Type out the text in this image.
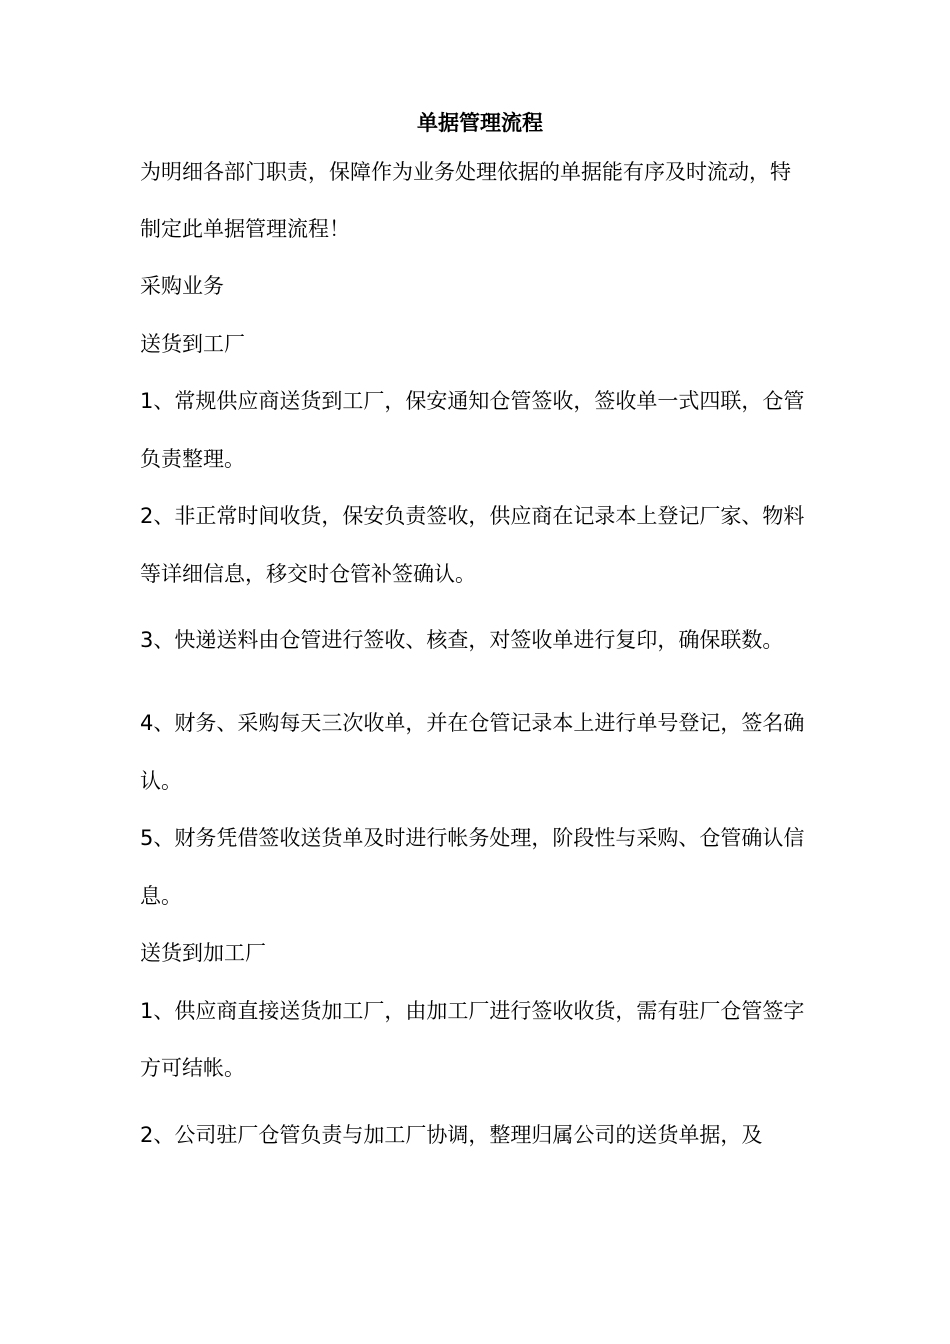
单据管理流程
为明细各部门职责，保障作为业务处理依据的单据能有序及时流动，特
制定此单据管理流程！
采购业务
送货到工厂
1、常规供应商送货到工厂，保安通知仓管签收，签收单一式四联，仓管
负责整理。
2、非正常时间收货，保安负责签收，供应商在记录本上登记厂家、物料
等详细信息，移交时仓管补签确认。
3、快递送料由仓管进行签收、核查，对签收单进行复印，确保联数。
4、财务、采购每天三次收单，并在仓管记录本上进行单号登记，签名确
认。
5、财务凭借签收送货单及时进行帐务处理，阶段性与采购、仓管确认信
息。
送货到加工厂
1、供应商直接送货加工厂，由加工厂进行签收收货，需有驻厂仓管签字
方可结帐。
2、公司驻厂仓管负责与加工厂协调，整理归属公司的送货单据，及
